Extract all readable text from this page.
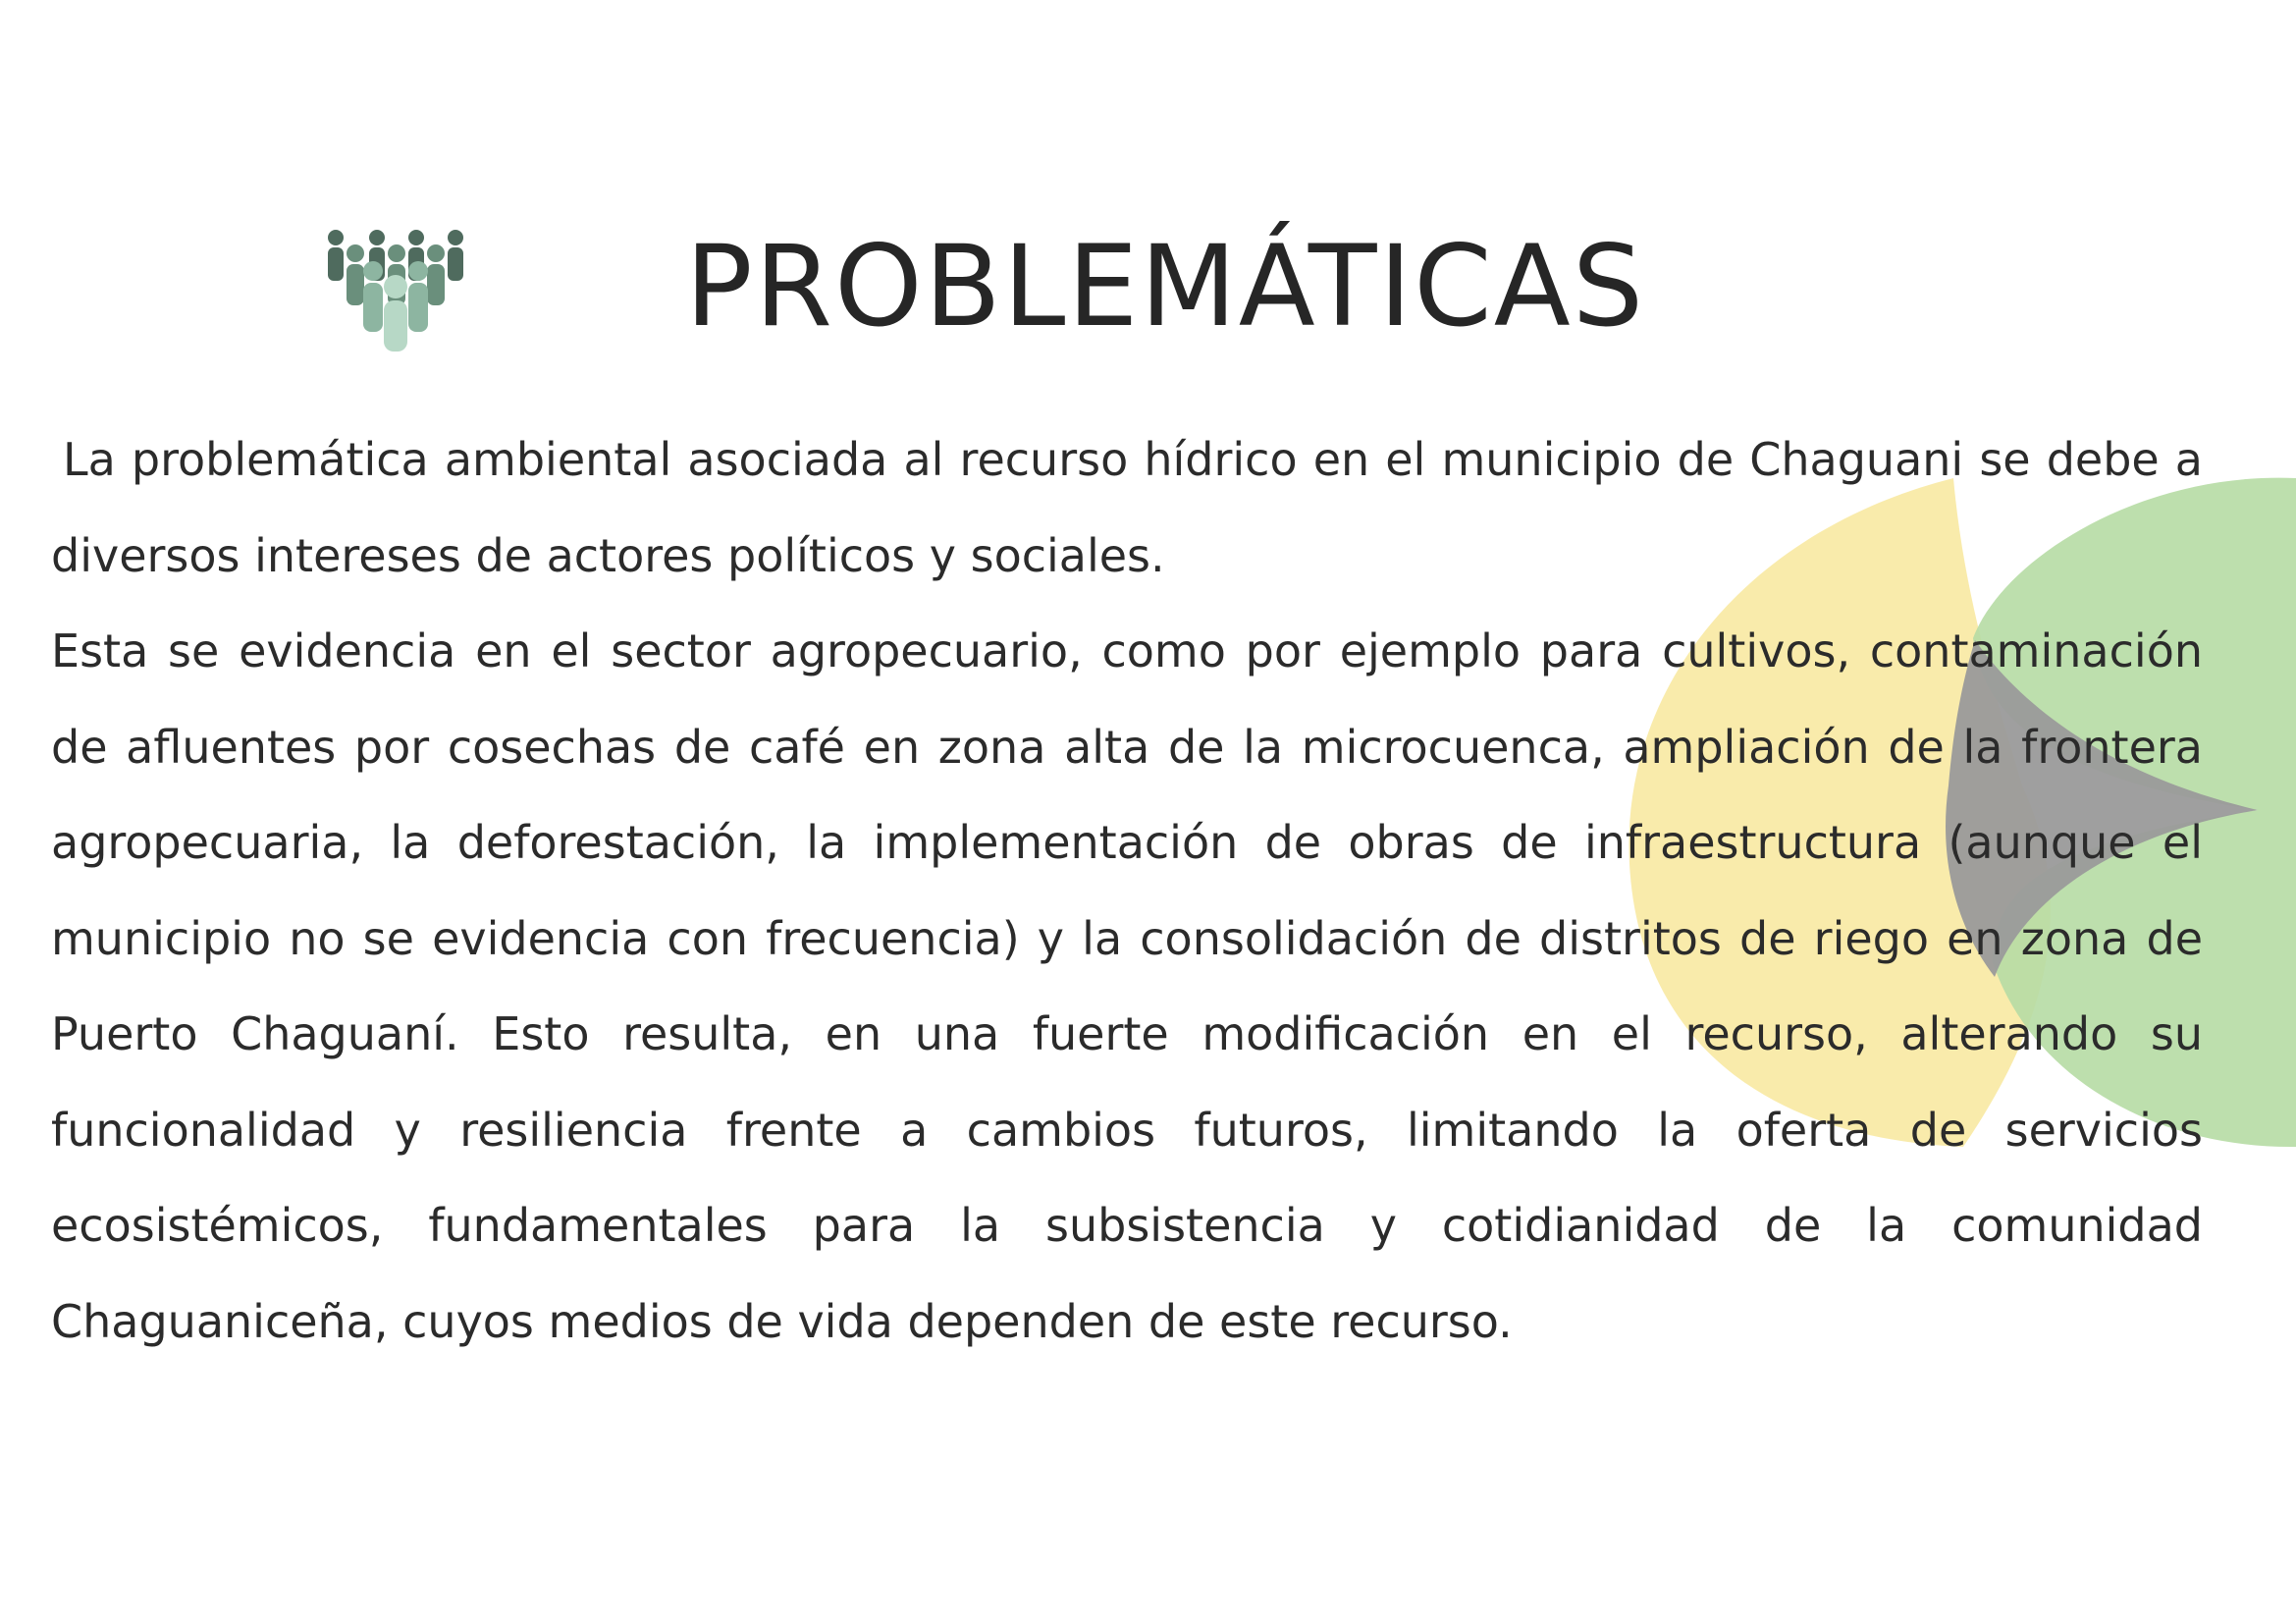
PROBLEMÁTICAS

La problemática ambiental asociada al recurso hídrico en el municipio de Chaguani se debe a diversos intereses de actores políticos y sociales.

Esta se evidencia en el sector agropecuario, como por ejemplo para cultivos, contaminación de afluentes por cosechas de café en zona alta de la microcuenca, ampliación de la frontera agropecuaria, la deforestación, la implementación de obras de infraestructura (aunque el municipio no se evidencia con frecuencia) y la consolidación de distritos de riego en zona de Puerto Chaguaní. Esto resulta, en una fuerte modificación en el recurso, alterando su funcionalidad y resiliencia frente a cambios futuros, limitando la oferta de servicios ecosistémicos, fundamentales para la subsistencia y cotidianidad de la comunidad Chaguaniceña, cuyos medios de vida dependen de este recurso.
